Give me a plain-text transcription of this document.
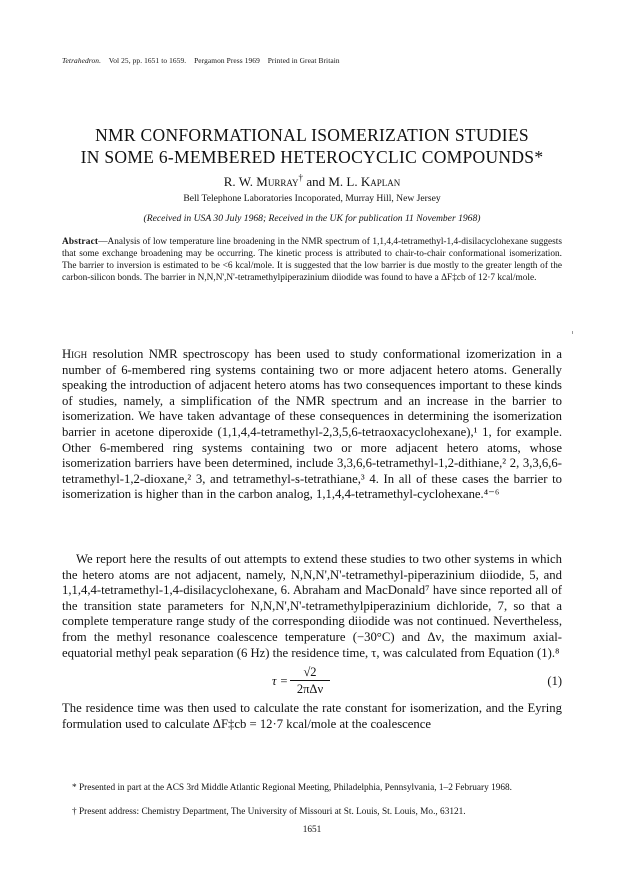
Tetrahedron. Vol 25, pp. 1651 to 1659. Pergamon Press 1969 Printed in Great Britain
NMR CONFORMATIONAL ISOMERIZATION STUDIES
IN SOME 6-MEMBERED HETEROCYCLIC COMPOUNDS*
R. W. Murray† and M. L. Kaplan
Bell Telephone Laboratories Incoporated, Murray Hill, New Jersey
(Received in USA 30 July 1968; Received in the UK for publication 11 November 1968)
Abstract—Analysis of low temperature line broadening in the NMR spectrum of 1,1,4,4-tetramethyl-1,4-disilacyclohexane suggests that some exchange broadening may be occurring. The kinetic process is attributed to chair-to-chair conformational isomerization. The barrier to inversion is estimated to be <6 kcal/mole. It is suggested that the low barrier is due mostly to the greater length of the carbon-silicon bonds. The barrier in N,N,N',N'-tetramethylpiperazinium diiodide was found to have a ΔF‡cb of 12·7 kcal/mole.
High resolution NMR spectroscopy has been used to study conformational izomerization in a number of 6-membered ring systems containing two or more adjacent hetero atoms. Generally speaking the introduction of adjacent hetero atoms has two consequences important to these kinds of studies, namely, a simplification of the NMR spectrum and an increase in the barrier to isomerization. We have taken advantage of these consequences in determining the isomerization barrier in acetone diperoxide (1,1,4,4-tetramethyl-2,3,5,6-tetraoxacyclohexane),¹ 1, for example. Other 6-membered ring systems containing two or more adjacent hetero atoms, whose isomerization barriers have been determined, include 3,3,6,6-tetramethyl-1,2-dithiane,² 2, 3,3,6,6-tetramethyl-1,2-dioxane,² 3, and tetramethyl-s-tetrathiane,³ 4. In all of these cases the barrier to isomerization is higher than in the carbon analog, 1,1,4,4-tetramethyl-cyclohexane.⁴⁻⁶
We report here the results of out attempts to extend these studies to two other systems in which the hetero atoms are not adjacent, namely, N,N,N',N'-tetramethyl-piperazinium diiodide, 5, and 1,1,4,4-tetramethyl-1,4-disilacyclohexane, 6. Abraham and MacDonald⁷ have since reported all of the transition state parameters for N,N,N',N'-tetramethylpiperazinium dichloride, 7, so that a complete temperature range study of the corresponding diiodide was not continued. Nevertheless, from the methyl resonance coalescence temperature (−30°C) and Δν, the maximum axial-equatorial methyl peak separation (6 Hz) the residence time, τ, was calculated from Equation (1).⁸
τ =
√2
2πΔν
(1)
The residence time was then used to calculate the rate constant for isomerization, and the Eyring formulation used to calculate ΔF‡cb = 12·7 kcal/mole at the coalescence
* Presented in part at the ACS 3rd Middle Atlantic Regional Meeting, Philadelphia, Pennsylvania, 1–2 February 1968.
† Present address: Chemistry Department, The University of Missouri at St. Louis, St. Louis, Mo., 63121.
1651
